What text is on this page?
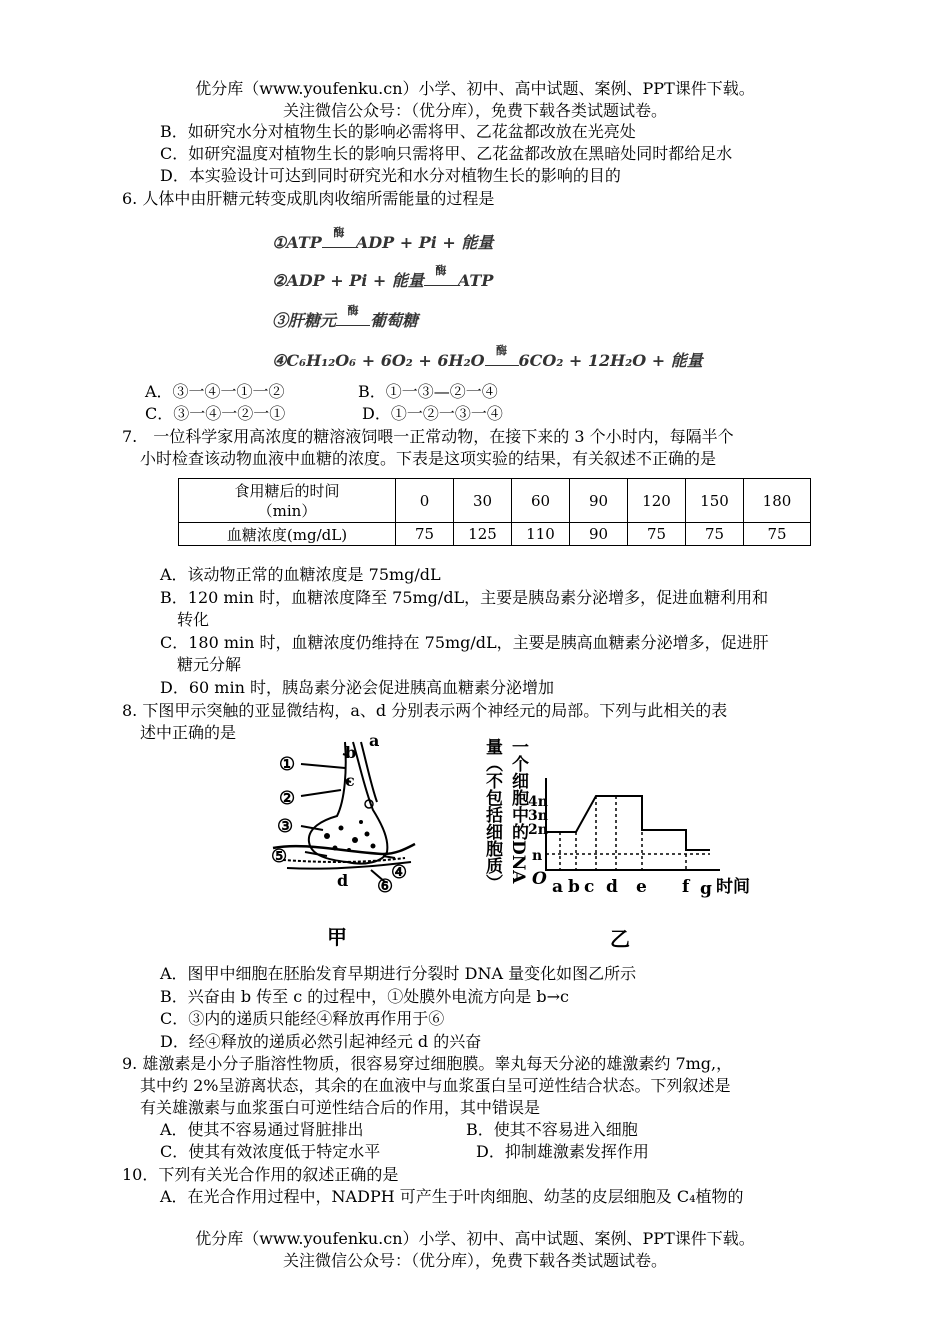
优分库（www.youfenku.cn）小学、初中、高中试题、案例、PPT课件下载。
关注微信公众号：（优分库），免费下载各类试题试卷。
B．如研究水分对植物生长的影响必需将甲、乙花盆都改放在光亮处
C．如研究温度对植物生长的影响只需将甲、乙花盆都改放在黑暗处同时都给足水
D．本实验设计可达到同时研究光和水分对植物生长的影响的目的
6. 人体中由肝糖元转变成肌肉收缩所需能量的过程是
①ATP
酶
ADP + Pi + 能量
②ADP + Pi + 能量
酶
ATP
③肝糖元
酶
葡萄糖
④C₆H₁₂O₆ + 6O₂ + 6H₂O
酶
6CO₂ + 12H₂O + 能量
A．③一④一①一②	B．①一③—②一④
C．③一④一②一①	D．①一②一③一④
7.　一位科学家用高浓度的糖溶液饲喂一正常动物，在接下来的 3 个小时内，每隔半个
小时检查该动物血液中血糖的浓度。下表是这项实验的结果，有关叙述不正确的是
食用糖后的时间
（min）	0	30	60	90	120	150	180
血糖浓度(mg/dL)	75	125	110	90	75	75	75
A．该动物正常的血糖浓度是 75mg/dL
B．120 min 时，血糖浓度降至 75mg/dL，主要是胰岛素分泌增多，促进血糖利用和
转化
C．180 min 时，血糖浓度仍维持在 75mg/dL，主要是胰高血糖素分泌增多，促进肝
糖元分解
D．60 min 时，胰岛素分泌会促进胰高血糖素分泌增加
8. 下图甲示突触的亚显微结构，a、d 分别表示两个神经元的局部。下列与此相关的表
述中正确的是
①
②
③
⑤
④
⑥
a
b
c
d
甲
一个细胞中的DNA
量（不包括细胞质） 4n
3n
2n
n
O a b c d e f g 时间
乙
A．图甲中细胞在胚胎发育早期进行分裂时 DNA 量变化如图乙所示
B．兴奋由 b 传至 c 的过程中，①处膜外电流方向是 b→c
C．③内的递质只能经④释放再作用于⑥
D．经④释放的递质必然引起神经元 d 的兴奋
9. 雄激素是小分子脂溶性物质，很容易穿过细胞膜。睾丸每天分泌的雄激素约 7mg,，
其中约 2%呈游离状态，其余的在血液中与血浆蛋白呈可逆性结合状态。下列叙述是
有关雄激素与血浆蛋白可逆性结合后的作用，其中错误是
A．使其不容易通过肾脏排出	B．使其不容易进入细胞
C．使其有效浓度低于特定水平	D．抑制雄激素发挥作用
10．下列有关光合作用的叙述正确的是
A．在光合作用过程中，NADPH 可产生于叶肉细胞、幼茎的皮层细胞及 C₄植物的
优分库（www.youfenku.cn）小学、初中、高中试题、案例、PPT课件下载。
关注微信公众号：（优分库），免费下载各类试题试卷。
